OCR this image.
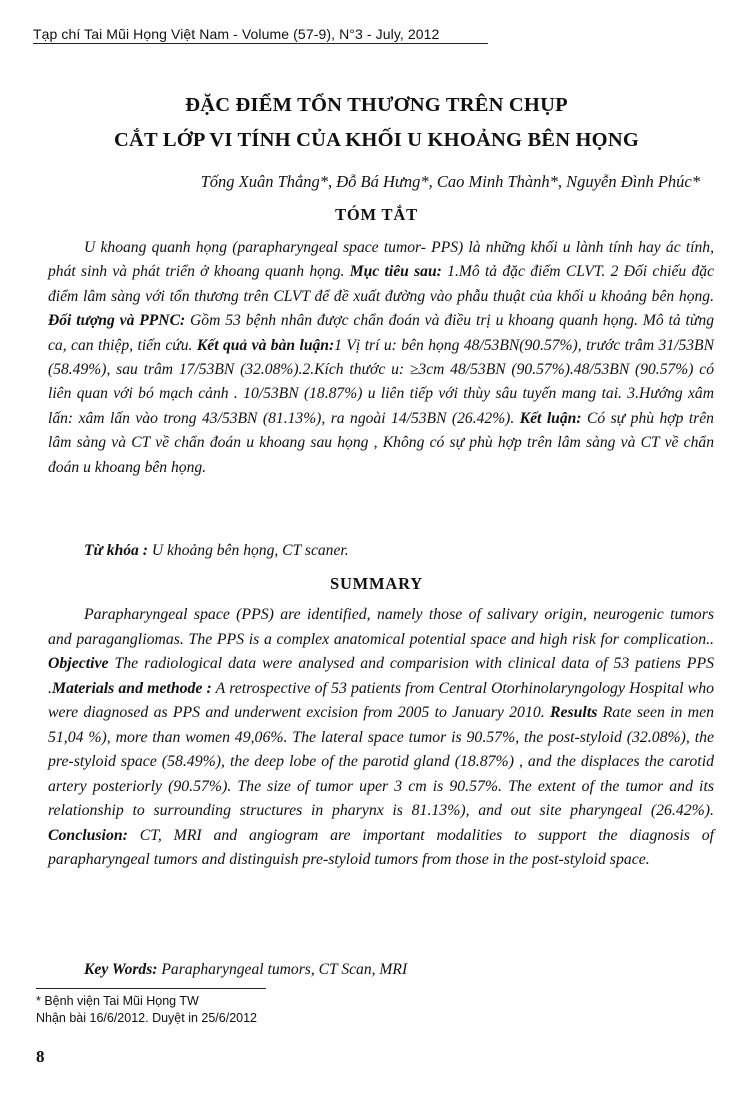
Tạp chí Tai Mũi Họng Việt Nam - Volume (57-9), N°3 - July, 2012
ĐẶC ĐIỂM TỔN THƯƠNG TRÊN CHỤP
CẮT LỚP VI TÍNH CỦA KHỐI U KHOẢNG BÊN HỌNG
Tống Xuân Thắng*, Đỗ Bá Hưng*, Cao Minh Thành*, Nguyễn Đình Phúc*
TÓM TẮT
U khoang quanh họng (parapharyngeal space tumor- PPS) là những khối u lành tính hay ác tính, phát sinh và phát triển ở khoang quanh họng. Mục tiêu sau: 1.Mô tả đặc điểm CLVT. 2 Đối chiếu đặc điểm lâm sàng với tổn thương trên CLVT để đề xuất đường vào phẫu thuật của khối u khoảng bên họng. Đối tượng và PPNC: Gồm 53 bệnh nhân được chẩn đoán và điều trị u khoang quanh họng. Mô tả từng ca, can thiệp, tiến cứu. Kết quả và bàn luận:1 Vị trí u: bên họng 48/53BN(90.57%), trước trâm 31/53BN (58.49%), sau trâm 17/53BN (32.08%).2.Kích thước u: ≥3cm 48/53BN (90.57%).48/53BN (90.57%) có liên quan với bó mạch cảnh . 10/53BN (18.87%) u liên tiếp với thùy sâu tuyến mang tai. 3.Hướng xâm lấn: xâm lấn vào trong 43/53BN (81.13%), ra ngoài 14/53BN (26.42%). Kết luận: Có sự phù hợp trên lâm sàng và CT về chẩn đoán u khoang sau họng , Không có sự phù hợp trên lâm sàng và CT về chẩn đoán u khoang bên họng.
Từ khóa : U khoảng bên họng, CT scaner.
SUMMARY
Parapharyngeal space (PPS) are identified, namely those of salivary origin, neurogenic tumors and paragangliomas. The PPS is a complex anatomical potential space and high risk for complication.. Objective The radiological data were analysed and comparision with clinical data of 53 patiens PPS .Materials and methode : A retrospective of 53 patients from Central Otorhinolaryngology Hospital who were diagnosed as PPS and underwent excision from 2005 to January 2010. Results Rate seen in men 51,04 %), more than women 49,06%. The lateral space tumor is 90.57%, the post-styloid (32.08%), the pre-styloid space (58.49%), the deep lobe of the parotid gland (18.87%) , and the displaces the carotid artery posteriorly (90.57%). The size of tumor uper 3 cm is 90.57%. The extent of the tumor and its relationship to surrounding structures in pharynx is 81.13%), and out site pharyngeal (26.42%). Conclusion: CT, MRI and angiogram are important modalities to support the diagnosis of parapharyngeal tumors and distinguish pre-styloid tumors from those in the post-styloid space.
Key Words: Parapharyngeal tumors, CT Scan, MRI
* Bệnh viện Tai Mũi Họng TW
Nhận bài 16/6/2012. Duyệt in 25/6/2012
8
